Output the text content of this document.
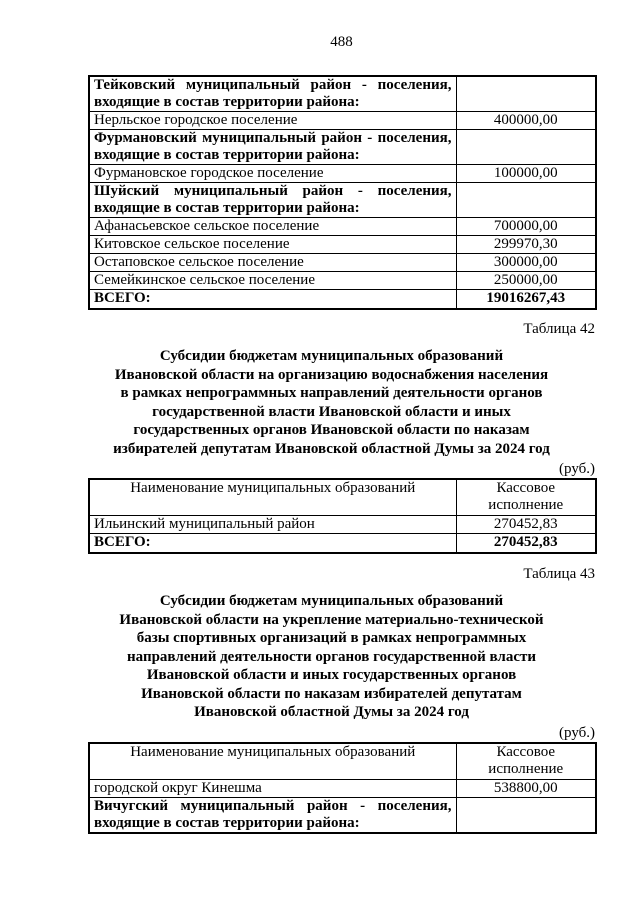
488
Тейковский муниципальный район - поселения, входящие в состав территории района:	
Нерльское городское поселение	400000,00
Фурмановский муниципальный район - поселения, входящие в состав территории района:	
Фурмановское городское поселение	100000,00
Шуйский муниципальный район - поселения, входящие в состав территории района:	
Афанасьевское сельское поселение	700000,00
Китовское сельское поселение	299970,30
Остаповское сельское поселение	300000,00
Семейкинское сельское поселение	250000,00
ВСЕГО:	19016267,43
Таблица 42
Субсидии бюджетам муниципальных образований
Ивановской области на организацию водоснабжения населения
в рамках непрограммных направлений деятельности органов
государственной власти Ивановской области и иных
государственных органов Ивановской области по наказам
избирателей депутатам Ивановской областной Думы за 2024 год
(руб.)
Наименование муниципальных образований	Кассовое исполнение
Ильинский муниципальный район	270452,83
ВСЕГО:	270452,83
Таблица 43
Субсидии бюджетам муниципальных образований
Ивановской области на укрепление материально-технической
базы спортивных организаций в рамках непрограммных
направлений деятельности органов государственной власти
Ивановской области и иных государственных органов
Ивановской области по наказам избирателей депутатам
Ивановской областной Думы за 2024 год
(руб.)
Наименование муниципальных образований	Кассовое исполнение
городской округ Кинешма	538800,00
Вичугский муниципальный район - поселения, входящие в состав территории района:	
